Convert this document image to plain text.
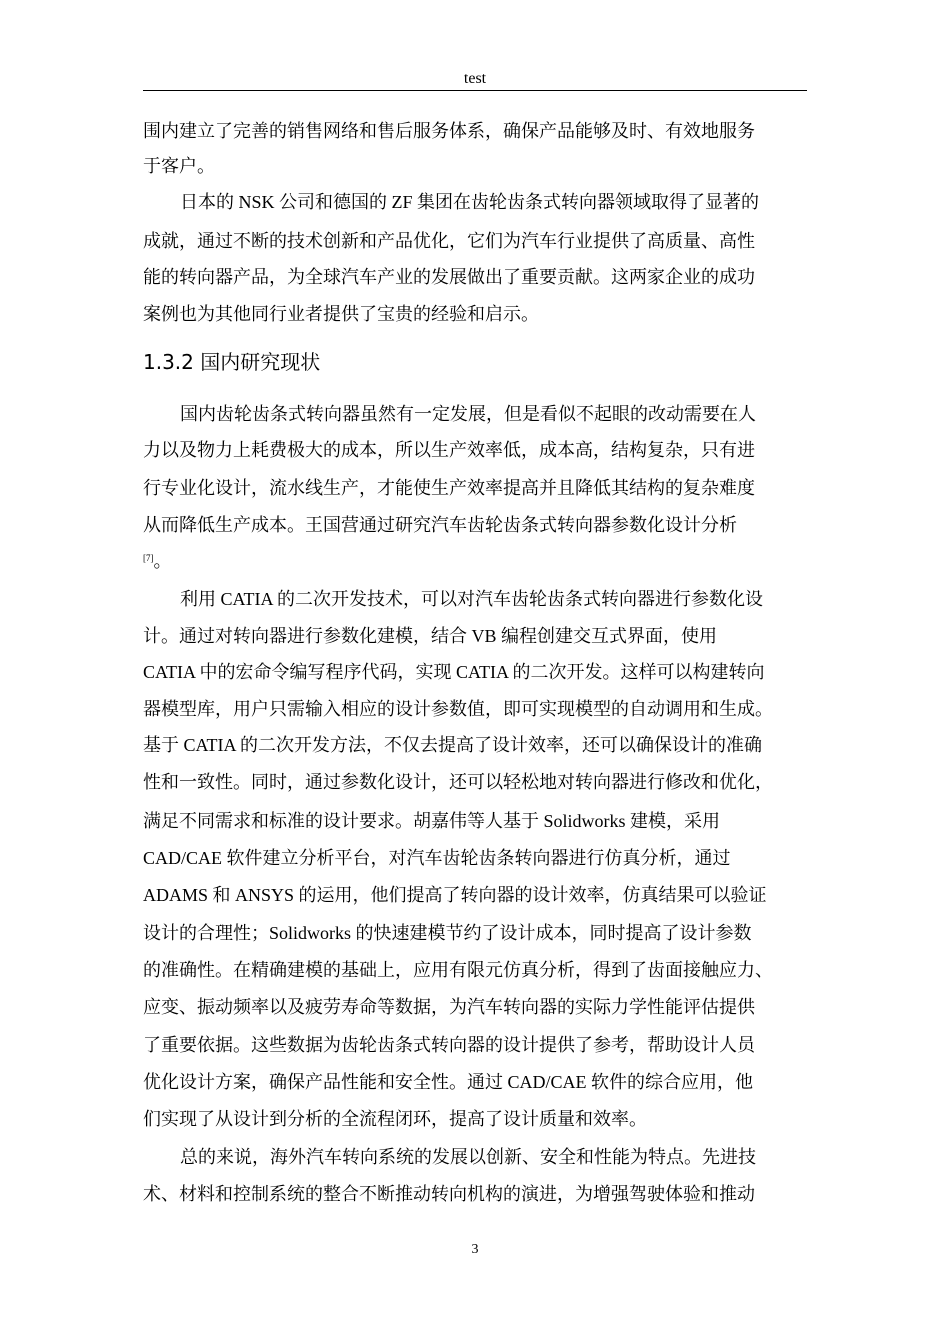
test
围内建立了完善的销售网络和售后服务体系，确保产品能够及时、有效地服务
于客户。
日本的 NSK 公司和德国的 ZF 集团在齿轮齿条式转向器领域取得了显著的
成就，通过不断的技术创新和产品优化，它们为汽车行业提供了高质量、高性
能的转向器产品，为全球汽车产业的发展做出了重要贡献。这两家企业的成功
案例也为其他同行业者提供了宝贵的经验和启示。
1.3.2 国内研究现状
国内齿轮齿条式转向器虽然有一定发展，但是看似不起眼的改动需要在人
力以及物力上耗费极大的成本，所以生产效率低，成本高，结构复杂，只有进
行专业化设计，流水线生产，才能使生产效率提高并且降低其结构的复杂难度
从而降低生产成本。王国营通过研究汽车齿轮齿条式转向器参数化设计分析
[7]。
利用 CATIA 的二次开发技术，可以对汽车齿轮齿条式转向器进行参数化设
计。通过对转向器进行参数化建模，结合 VB 编程创建交互式界面，使用
CATIA 中的宏命令编写程序代码，实现 CATIA 的二次开发。这样可以构建转向
器模型库，用户只需输入相应的设计参数值，即可实现模型的自动调用和生成。
基于 CATIA 的二次开发方法，不仅去提高了设计效率，还可以确保设计的准确
性和一致性。同时，通过参数化设计，还可以轻松地对转向器进行修改和优化，
满足不同需求和标准的设计要求。胡嘉伟等人基于 Solidworks 建模，采用
CAD/CAE 软件建立分析平台，对汽车齿轮齿条转向器进行仿真分析，通过
ADAMS 和 ANSYS 的运用，他们提高了转向器的设计效率，仿真结果可以验证
设计的合理性；Solidworks 的快速建模节约了设计成本，同时提高了设计参数
的准确性。在精确建模的基础上，应用有限元仿真分析，得到了齿面接触应力、
应变、振动频率以及疲劳寿命等数据，为汽车转向器的实际力学性能评估提供
了重要依据。这些数据为齿轮齿条式转向器的设计提供了参考，帮助设计人员
优化设计方案，确保产品性能和安全性。通过 CAD/CAE 软件的综合应用，他
们实现了从设计到分析的全流程闭环，提高了设计质量和效率。
总的来说，海外汽车转向系统的发展以创新、安全和性能为特点。先进技
术、材料和控制系统的整合不断推动转向机构的演进，为增强驾驶体验和推动
3
